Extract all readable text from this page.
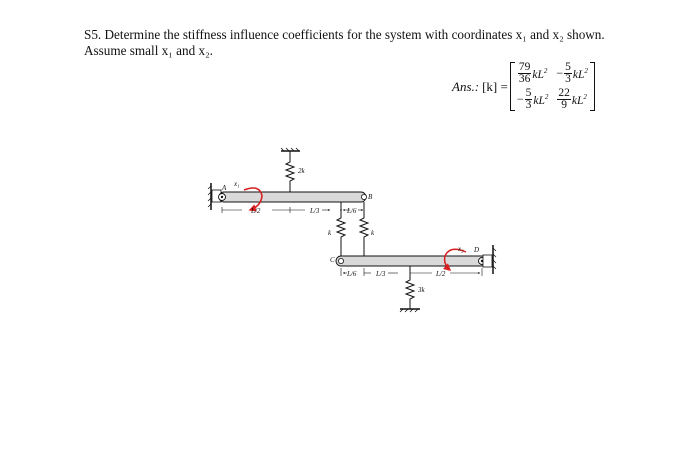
S5. Determine the stiffness influence coefficients for the system with coordinates x₁ and x₂ shown.

Assume small x₁ and x₂.

Ans.: [k] =
$\frac{79}{36} kL^2 - \frac{5}{3} kL^2$
− $\frac{5}{3} kL^2 \frac{22}{9} kL^2$
2k
A
B
x₁
L/2	L/3	L/6
k	k
C
D
x₂
L/6	L/3	L/2
3k
